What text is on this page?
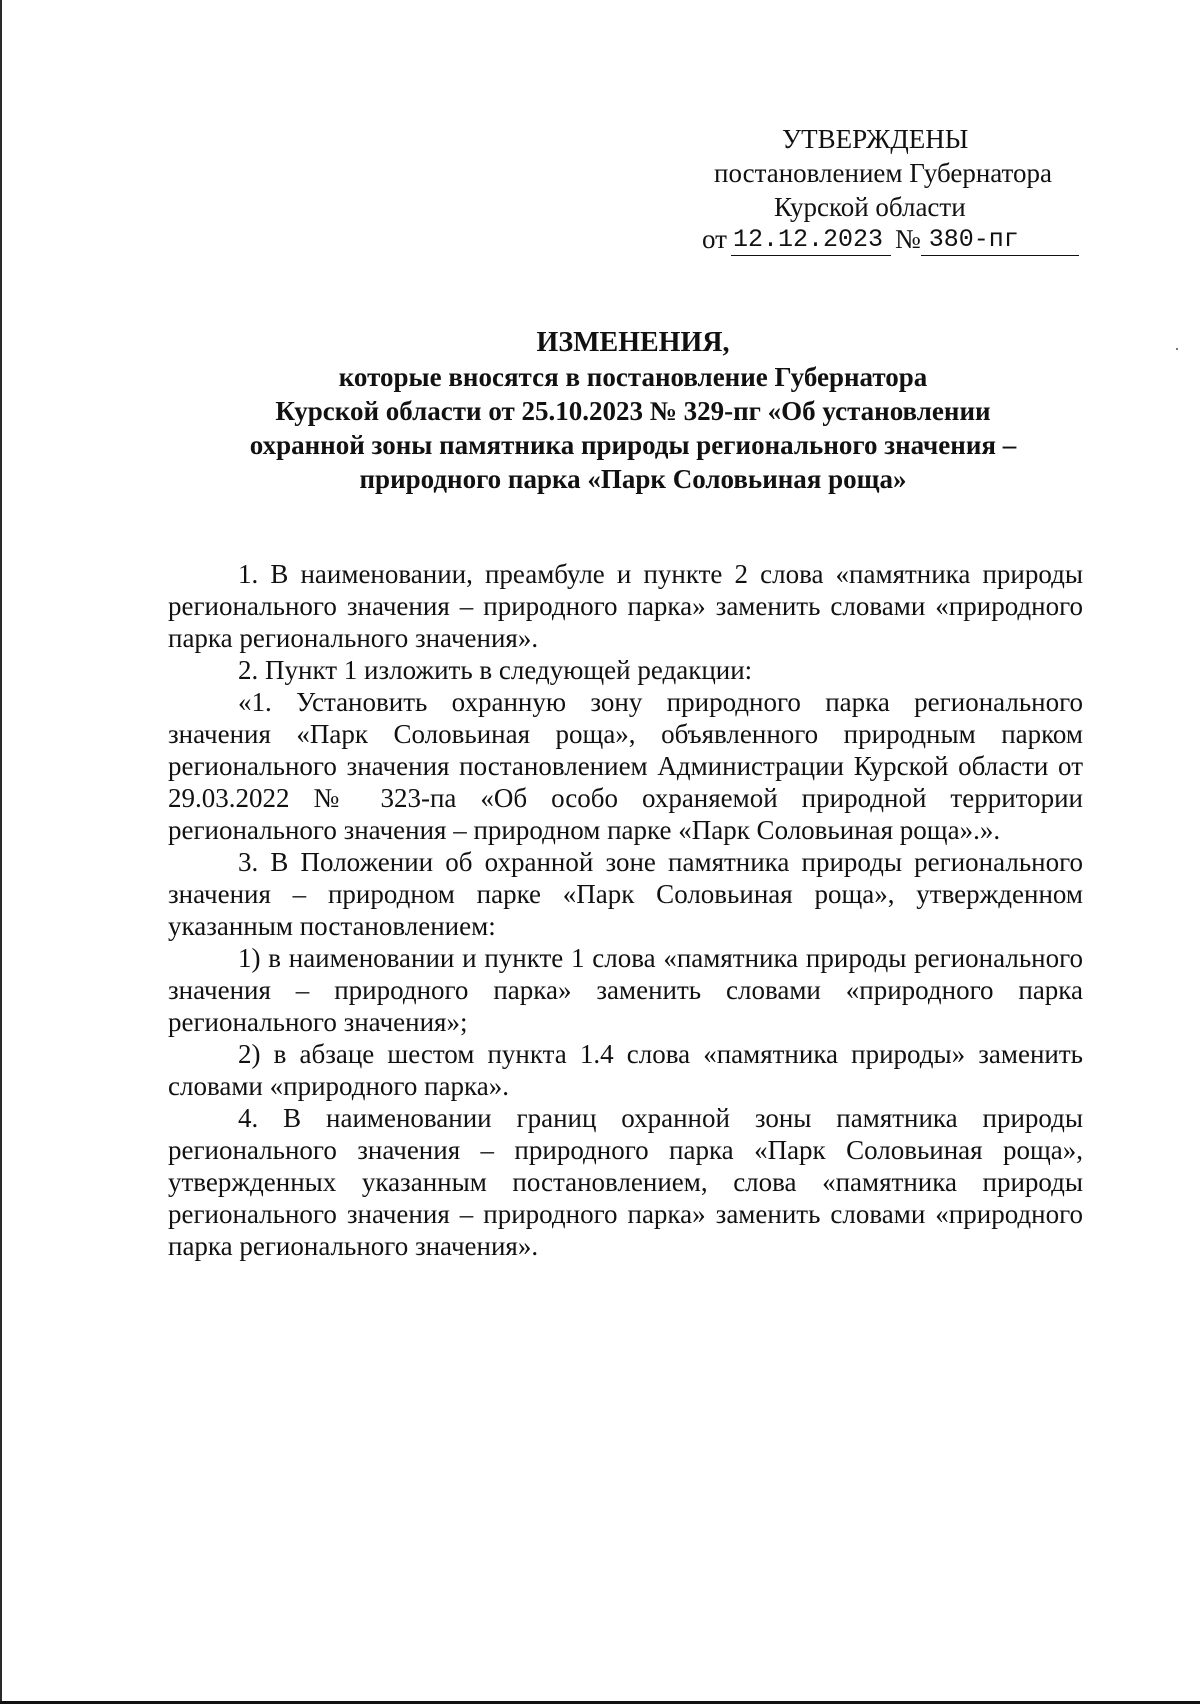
УТВЕРЖДЕНЫ
постановлением Губернатора
Курской области
от 12.12.2023 № 380-пг
ИЗМЕНЕНИЯ,
которые вносятся в постановление Губернатора
Курской области от 25.10.2023 № 329-пг «Об установлении
охранной зоны памятника природы регионального значения –
природного парка «Парк Соловьиная роща»

1. В наименовании, преамбуле и пункте 2 слова «памятника природы регионального значения – природного парка» заменить словами «природного парка регионального значения».

2. Пункт 1 изложить в следующей редакции:

«1. Установить охранную зону природного парка регионального значения «Парк Соловьиная роща», объявленного природным парком регионального значения постановлением Администрации Курской области от 29.03.2022 № 323-па «Об особо охраняемой природной территории регионального значения – природном парке «Парк Соловьиная роща».».

3. В Положении об охранной зоне памятника природы регионального значения – природном парке «Парк Соловьиная роща», утвержденном указанным постановлением:

1) в наименовании и пункте 1 слова «памятника природы регионального значения – природного парка» заменить словами «природного парка регионального значения»;

2) в абзаце шестом пункта 1.4 слова «памятника природы» заменить словами «природного парка».

4. В наименовании границ охранной зоны памятника природы регионального значения – природного парка «Парк Соловьиная роща», утвержденных указанным постановлением, слова «памятника природы регионального значения – природного парка» заменить словами «природного парка регионального значения».
